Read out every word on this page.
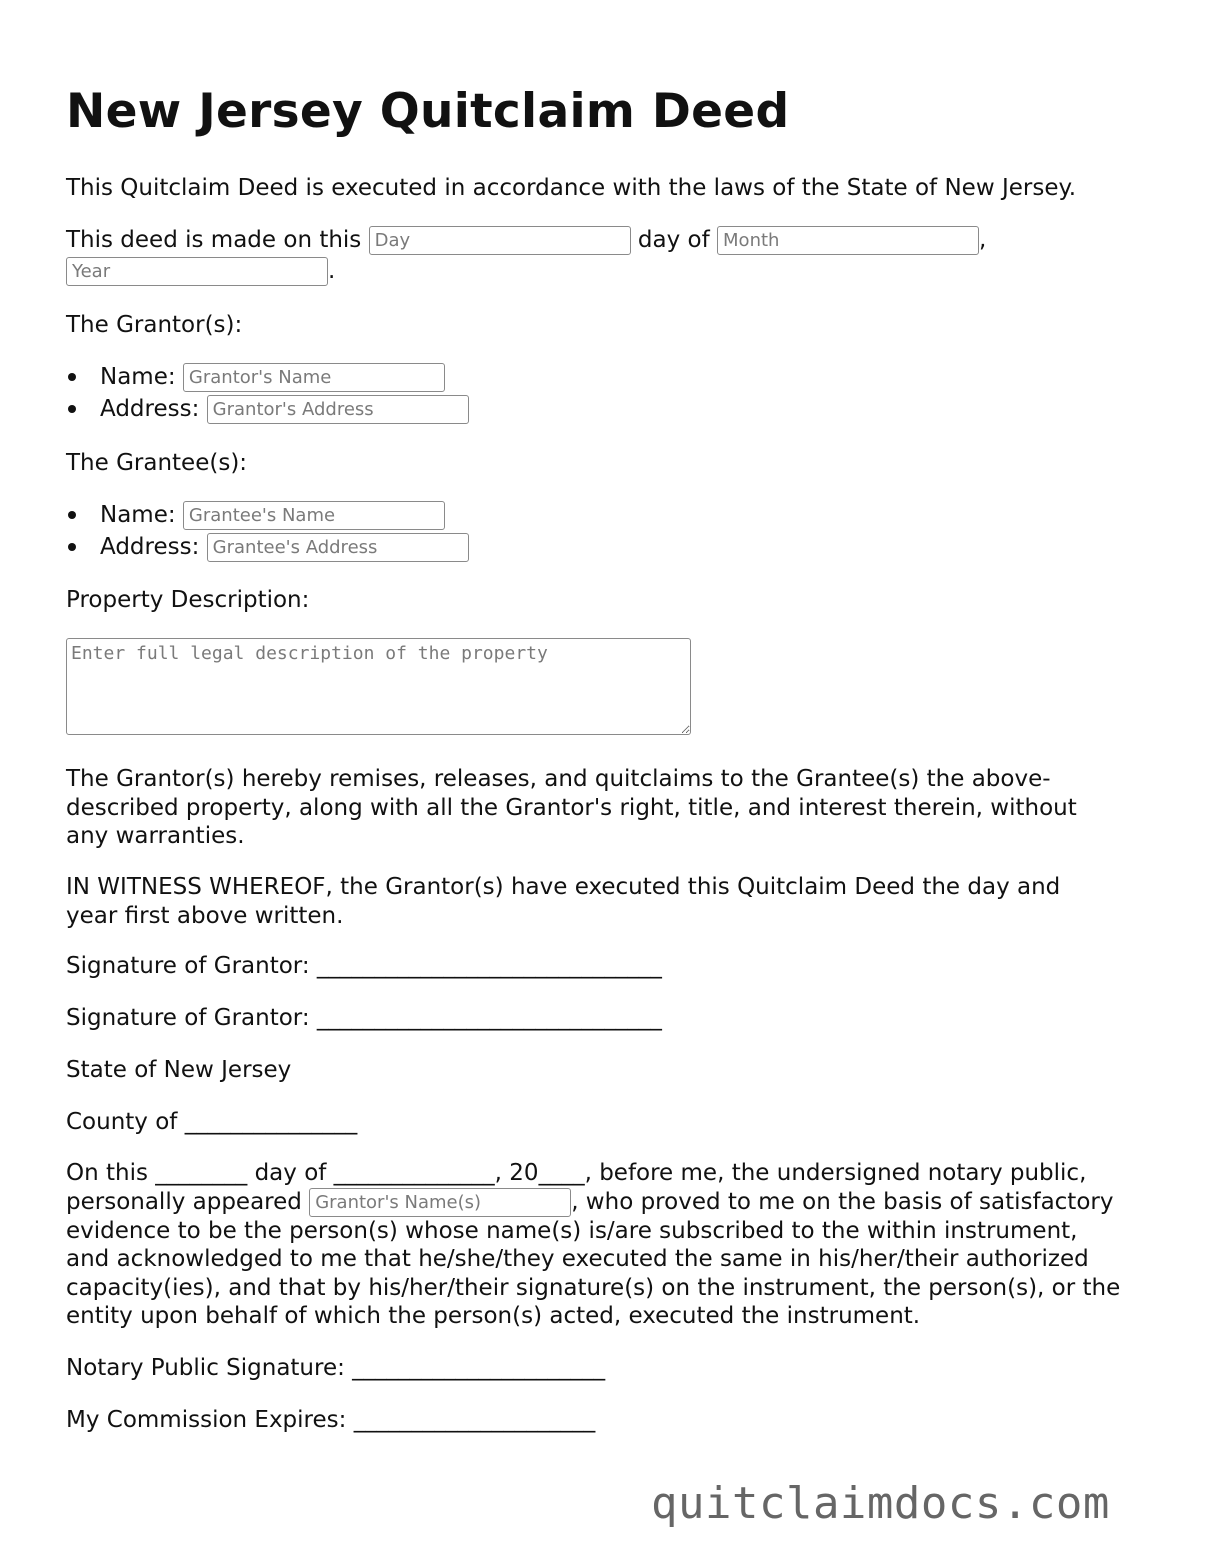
New Jersey Quitclaim Deed
This Quitclaim Deed is executed in accordance with the laws of the State of New Jersey.
This deed is made on this Day	day of Month	,
Year.
The Grantor(s):
Name: Grantor's Name
Address: Grantor's Address
The Grantee(s):
Name: Grantee's Name
Address: Grantee's Address
Property Description:
Enter full legal description of the property
The Grantor(s) hereby remises, releases, and quitclaims to the Grantee(s) the above-
described property, along with all the Grantor's right, title, and interest therein, without
any warranties.
IN WITNESS WHEREOF, the Grantor(s) have executed this Quitclaim Deed the day and
year first above written.
Signature of Grantor: ______________________________
Signature of Grantor: ______________________________
State of New Jersey
County of _______________
On this ________ day of ______________, 20____, before me, the undersigned notary public,
personally appeared Grantor's Name(s)	, who proved to me on the basis of satisfactory
evidence to be the person(s) whose name(s) is/are subscribed to the within instrument,
and acknowledged to me that he/she/they executed the same in his/her/their authorized
capacity(ies), and that by his/her/their signature(s) on the instrument, the person(s), or the
entity upon behalf of which the person(s) acted, executed the instrument.
Notary Public Signature: ______________________
My Commission Expires: _____________________
quitclaimdocs.com
